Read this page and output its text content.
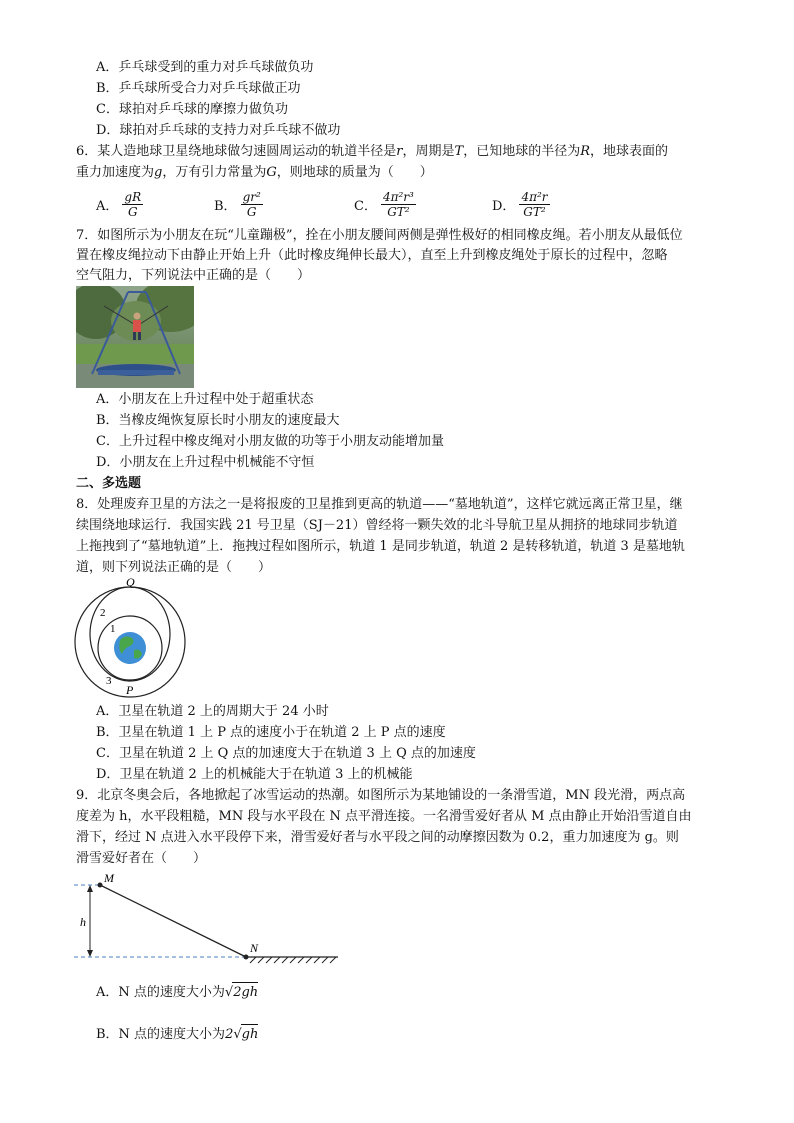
A．乒乓球受到的重力对乒乓球做负功
B．乒乓球所受合力对乒乓球做正功
C．球拍对乒乓球的摩擦力做负功
D．球拍对乒乓球的支持力对乒乓球不做功
6．某人造地球卫星绕地球做匀速圆周运动的轨道半径是r，周期是T，已知地球的半径为R，地球表面的
重力加速度为g，万有引力常量为G，则地球的质量为（　　）
A． $\frac{gR}{G}$	B． $\frac{\text{gr²}}{G}$	C． $\frac{\text{4π²r³}}{\text{GT²}}$	D． $\frac{\text{4π²r}}{\text{GT²}}$
7．如图所示为小朋友在玩“儿童蹦极”，拴在小朋友腰间两侧是弹性极好的相同橡皮绳。若小朋友从最低位
置在橡皮绳拉动下由静止开始上升（此时橡皮绳伸长最大），直至上升到橡皮绳处于原长的过程中，忽略
空气阻力，下列说法中正确的是（　　）
A．小朋友在上升过程中处于超重状态
B．当橡皮绳恢复原长时小朋友的速度最大
C．上升过程中橡皮绳对小朋友做的功等于小朋友动能增加量
D．小朋友在上升过程中机械能不守恒
二、多选题
8．处理废弃卫星的方法之一是将报废的卫星推到更高的轨道——“墓地轨道”，这样它就远离正常卫星，继
续围绕地球运行．我国实践 21 号卫星（SJ－21）曾经将一颗失效的北斗导航卫星从拥挤的地球同步轨道
上拖拽到了“墓地轨道”上．拖拽过程如图所示，轨道 1 是同步轨道，轨道 2 是转移轨道，轨道 3 是墓地轨
道，则下列说法正确的是（　　）
Q
P
2
1
3
A．卫星在轨道 2 上的周期大于 24 小时
B．卫星在轨道 1 上 P 点的速度小于在轨道 2 上 P 点的速度
C．卫星在轨道 2 上 Q 点的加速度大于在轨道 3 上 Q 点的加速度
D．卫星在轨道 2 上的机械能大于在轨道 3 上的机械能
9．北京冬奥会后，各地掀起了冰雪运动的热潮。如图所示为某地铺设的一条滑雪道，MN 段光滑，两点高
度差为 h，水平段粗糙，MN 段与水平段在 N 点平滑连接。一名滑雪爱好者从 M 点由静止开始沿雪道自由
滑下，经过 N 点进入水平段停下来，滑雪爱好者与水平段之间的动摩擦因数为 0.2，重力加速度为 g。则
滑雪爱好者在（　　）
M
N
h
A．N 点的速度大小为√2gh
B．N 点的速度大小为2√gh
